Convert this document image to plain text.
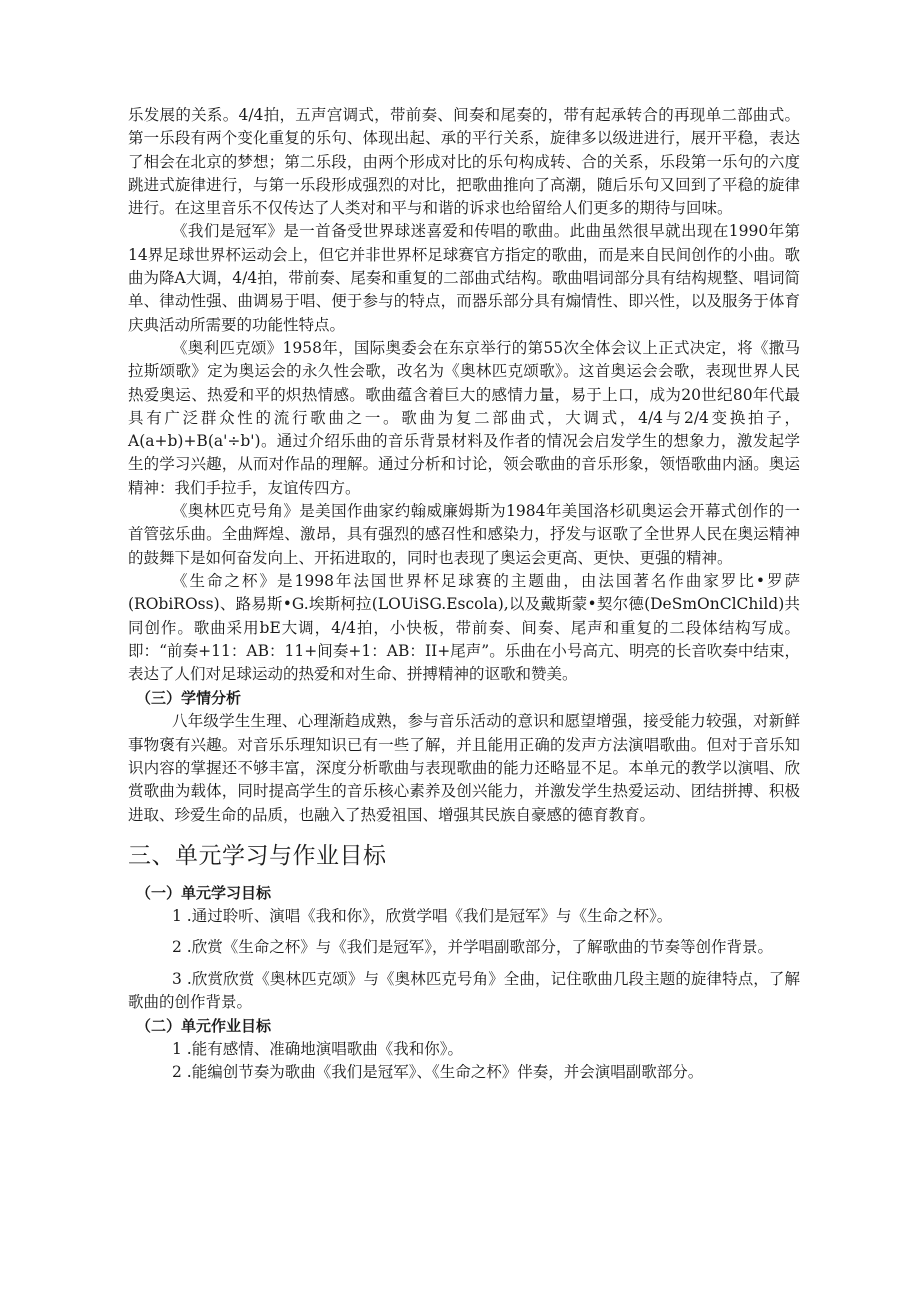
乐发展的关系。4/4拍，五声宫调式，带前奏、间奏和尾奏的，带有起承转合的再现单二部曲式。第一乐段有两个变化重复的乐句、体现出起、承的平行关系，旋律多以级进进行，展开平稳，表达了相会在北京的梦想；第二乐段，由两个形成对比的乐句构成转、合的关系，乐段第一乐句的六度跳进式旋律进行，与第一乐段形成强烈的对比，把歌曲推向了高潮，随后乐句又回到了平稳的旋律进行。在这里音乐不仅传达了人类对和平与和谐的诉求也给留给人们更多的期待与回味。

《我们是冠军》是一首备受世界球迷喜爱和传唱的歌曲。此曲虽然很早就出现在1990年第14界足球世界杯运动会上，但它并非世界杯足球赛官方指定的歌曲，而是来自民间创作的小曲。歌曲为降A大调，4/4拍，带前奏、尾奏和重复的二部曲式结构。歌曲唱词部分具有结构规整、唱词简单、律动性强、曲调易于唱、便于参与的特点，而器乐部分具有煽情性、即兴性，以及服务于体育庆典活动所需要的功能性特点。

《奥利匹克颂》1958年，国际奥委会在东京举行的第55次全体会议上正式决定，将《撒马拉斯颂歌》定为奥运会的永久性会歌，改名为《奥林匹克颂歌》。这首奥运会会歌，表现世界人民热爱奥运、热爱和平的炽热情感。歌曲蕴含着巨大的感情力量，易于上口，成为20世纪80年代最具有广泛群众性的流行歌曲之一。歌曲为复二部曲式，大调式，4/4与2/4变换拍子，A(a+b)+B(a'÷b')。通过介绍乐曲的音乐背景材料及作者的情况会启发学生的想象力，激发起学生的学习兴趣，从而对作品的理解。通过分析和讨论，领会歌曲的音乐形象，领悟歌曲内涵。奥运精神：我们手拉手，友谊传四方。

《奥林匹克号角》是美国作曲家约翰威廉姆斯为1984年美国洛杉矶奥运会开幕式创作的一首管弦乐曲。全曲辉煌、激昂，具有强烈的感召性和感染力，抒发与讴歌了全世界人民在奥运精神的鼓舞下是如何奋发向上、开拓进取的，同时也表现了奥运会更高、更快、更强的精神。

《生命之杯》是1998年法国世界杯足球赛的主题曲，由法国著名作曲家罗比•罗萨(RObiROss)、路易斯•G.埃斯柯拉(LOUiSG.Escola),以及戴斯蒙•契尔德(DeSmOnClChild)共同创作。歌曲采用bE大调，4/4拍，小快板，带前奏、间奏、尾声和重复的二段体结构写成。即：“前奏+11：AB：11+间奏+1：AB：II+尾声”。乐曲在小号高亢、明亮的长音吹奏中结束，表达了人们对足球运动的热爱和对生命、拼搏精神的讴歌和赞美。

（三）学情分析

八年级学生生理、心理渐趋成熟，参与音乐活动的意识和愿望增强，接受能力较强，对新鲜事物褒有兴趣。对音乐乐理知识已有一些了解，并且能用正确的发声方法演唱歌曲。但对于音乐知识内容的掌握还不够丰富，深度分析歌曲与表现歌曲的能力还略显不足。本单元的教学以演唱、欣赏歌曲为载体，同时提高学生的音乐核心素养及创兴能力，并激发学生热爱运动、团结拼搏、积极进取、珍爱生命的品质，也融入了热爱祖国、增强其民族自豪感的德育教育。

三、单元学习与作业目标
（一）单元学习目标

1 .通过聆听、演唱《我和你》，欣赏学唱《我们是冠军》与《生命之杯》。

2 .欣赏《生命之杯》与《我们是冠军》，并学唱副歌部分，了解歌曲的节奏等创作背景。

3 .欣赏欣赏《奥林匹克颂》与《奥林匹克号角》全曲，记住歌曲几段主题的旋律特点，了解歌曲的创作背景。

（二）单元作业目标

1 .能有感情、准确地演唱歌曲《我和你》。

2 .能编创节奏为歌曲《我们是冠军》、《生命之杯》伴奏，并会演唱副歌部分。
